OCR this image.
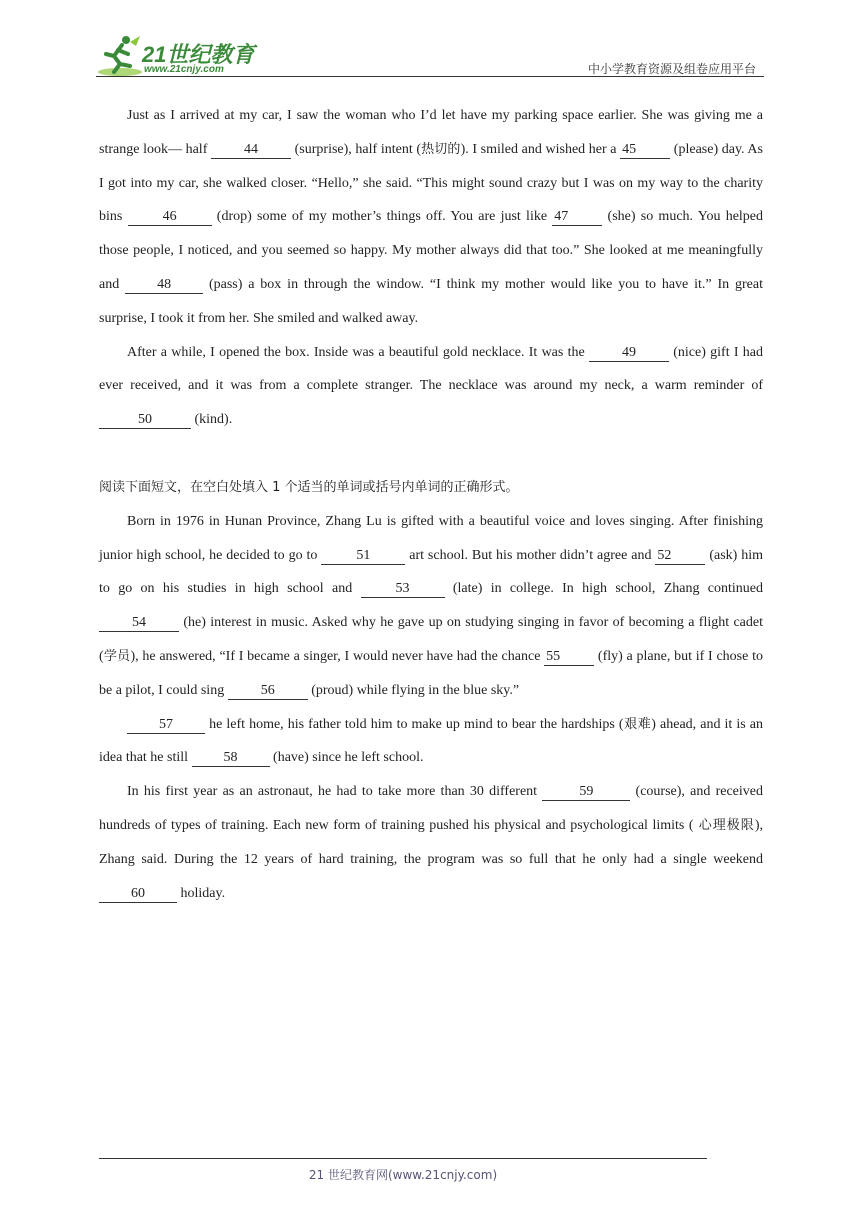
21世纪教育
www.21cnjy.com	中小学教育资源及组卷应用平台

Just as I arrived at my car, I saw the woman who I’d let have my parking space earlier. She was giving me a strange look— half 44 (surprise), half intent (热切的). I smiled and wished her a 45 (please) day. As I got into my car, she walked closer. “Hello,” she said. “This might sound crazy but I was on my way to the charity bins	46	(drop) some of my mother’s things off. You are just like 47 (she) so much. You helped those people, I noticed, and you seemed so happy. My mother always did that too.” She looked at me meaningfully and 48 (pass) a box in through the window. “I think my mother would like you to have it.” In great surprise, I took it from her. She smiled and walked away.

After a while, I opened the box. Inside was a beautiful gold necklace. It was the 49 (nice) gift I had ever received, and it was from a complete stranger. The necklace was around my neck, a warm reminder of 50	(kind).

阅读下面短文，在空白处填入 1 个适当的单词或括号内单词的正确形式。

Born in 1976 in Hunan Province, Zhang Lu is gifted with a beautiful voice and loves singing. After finishing junior high school, he decided to go to	51	art school. But his mother didn’t agree and 52 (ask) him to go on his studies in high school and	53	(late) in college. In high school, Zhang continued 54 (he) interest in music. Asked why he gave up on studying singing in favor of becoming a flight cadet (学员), he answered, “If I became a singer, I would never have had the chance 55 (fly) a plane, but if I chose to be a pilot, I could sing 56 (proud) while flying in the blue sky.”

57 he left home, his father told him to make up mind to bear the hardships (艰难) ahead, and it is an idea that he still 58 (have) since he left school.

In his first year as an astronaut, he had to take more than 30 different	59	(course), and received hundreds of types of training. Each new form of training pushed his physical and psychological limits ( 心理极限), Zhang said. During the 12 years of hard training, the program was so full that he only had a single weekend 60 holiday.

21 世纪教育网(www.21cnjy.com)
